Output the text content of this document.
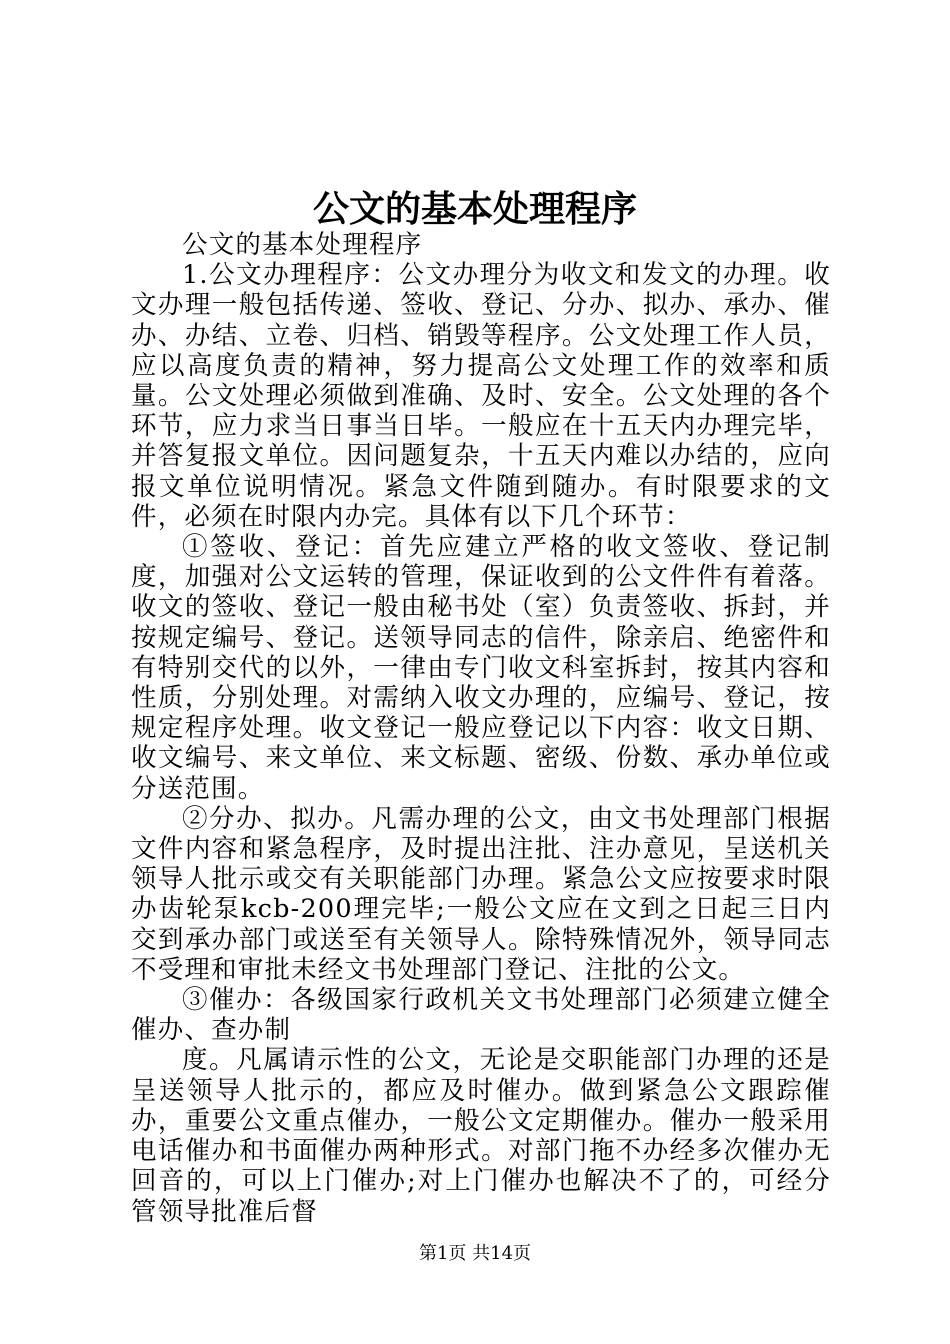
公文的基本处理程序

公文的基本处理程序

1.公文办理程序：公文办理分为收文和发文的办理。收文办理一般包括传递、签收、登记、分办、拟办、承办、催办、办结、立卷、归档、销毁等程序。公文处理工作人员，应以高度负责的精神，努力提高公文处理工作的效率和质量。公文处理必须做到准确、及时、安全。公文处理的各个环节，应力求当日事当日毕。一般应在十五天内办理完毕，并答复报文单位。因问题复杂，十五天内难以办结的，应向报文单位说明情况。紧急文件随到随办。有时限要求的文件，必须在时限内办完。具体有以下几个环节：

①签收、登记：首先应建立严格的收文签收、登记制度，加强对公文运转的管理，保证收到的公文件件有着落。收文的签收、登记一般由秘书处（室）负责签收、拆封，并按规定编号、登记。送领导同志的信件，除亲启、绝密件和有特别交代的以外，一律由专门收文科室拆封，按其内容和性质，分别处理。对需纳入收文办理的，应编号、登记，按规定程序处理。收文登记一般应登记以下内容：收文日期、收文编号、来文单位、来文标题、密级、份数、承办单位或分送范围。

②分办、拟办。凡需办理的公文，由文书处理部门根据文件内容和紧急程序，及时提出注批、注办意见，呈送机关领导人批示或交有关职能部门办理。紧急公文应按要求时限办齿轮泵kcb-200理完毕;一般公文应在文到之日起三日内交到承办部门或送至有关领导人。除特殊情况外，领导同志不受理和审批未经文书处理部门登记、注批的公文。

③催办：各级国家行政机关文书处理部门必须建立健全催办、查办制

度。凡属请示性的公文，无论是交职能部门办理的还是呈送领导人批示的，都应及时催办。做到紧急公文跟踪催办，重要公文重点催办，一般公文定期催办。催办一般采用电话催办和书面催办两种形式。对部门拖不办经多次催办无回音的，可以上门催办;对上门催办也解决不了的，可经分管领导批准后督

第1页 共14页
